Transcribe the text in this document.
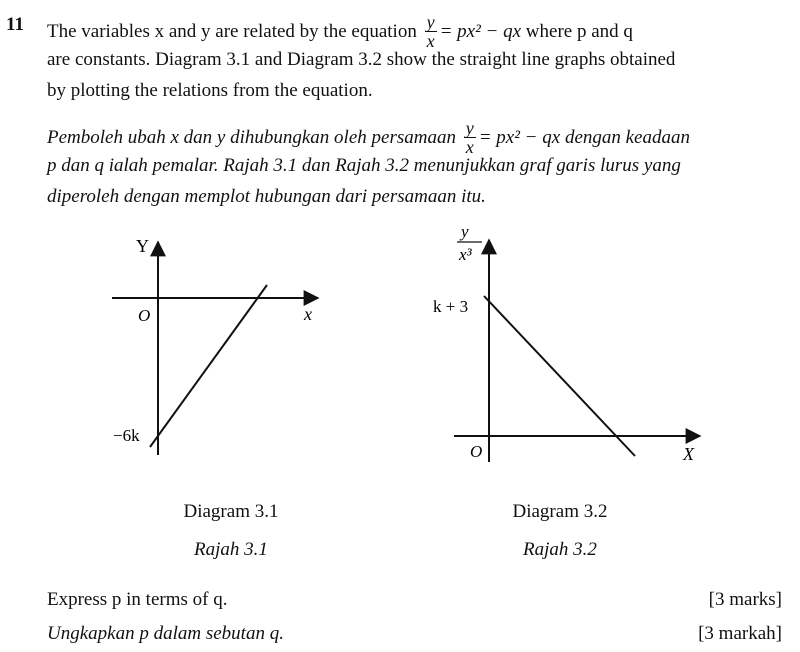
11 The variables x and y are related by the equation $\frac{y}{x} = px^2$ − qx where p and q
are constants. Diagram 3.1 and Diagram 3.2 show the straight line graphs obtained
by plotting the relations from the equation.
Pemboleh ubah x dan y dihubungkan oleh persamaan $\frac{y}{x} = px^2$ − qx dengan keadaan
p dan q ialah pemalar. Rajah 3.1 dan Rajah 3.2 menunjukkan graf garis lurus yang
diperoleh dengan memplot hubungan dari persamaan itu.
Y
O	x
−6k
y
x³
k + 3
O	X
Diagram 3.1
Rajah 3.1
Diagram 3.2
Rajah 3.2
Express p in terms of q.	[3 marks]
Ungkapkan p dalam sebutan q.	[3 markah]
